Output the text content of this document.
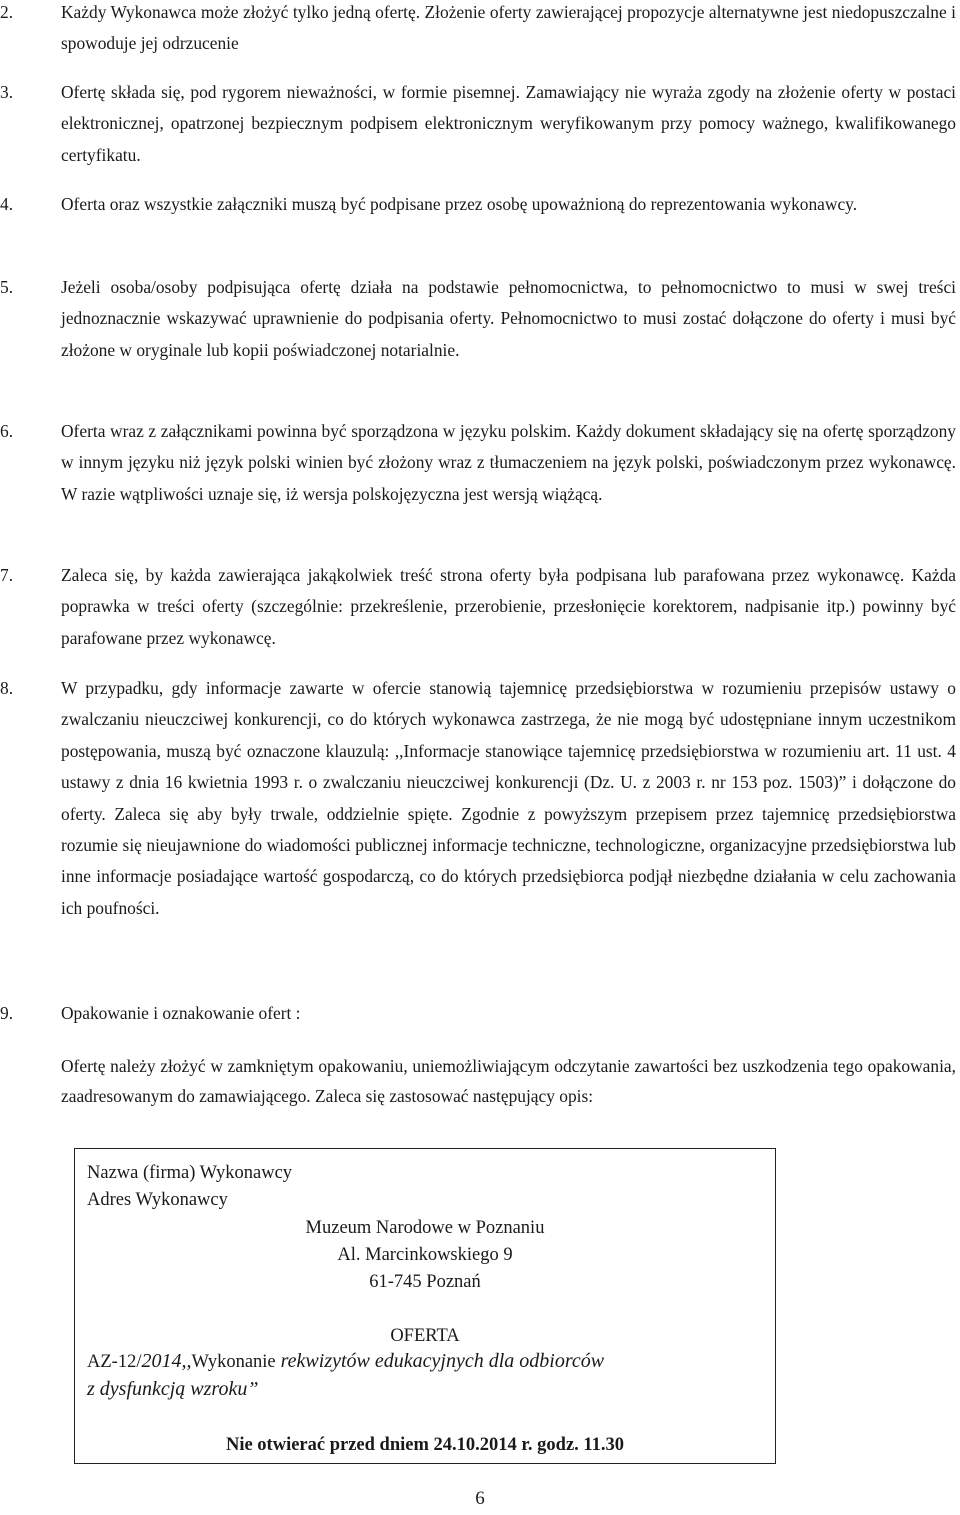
2.	Każdy Wykonawca może złożyć tylko jedną ofertę. Złożenie oferty zawierającej propozycje alternatywne jest niedopuszczalne i spowoduje jej odrzucenie
3.	Ofertę składa się, pod rygorem nieważności, w formie pisemnej. Zamawiający nie wyraża zgody na złożenie oferty w postaci elektronicznej, opatrzonej bezpiecznym podpisem elektronicznym weryfikowanym przy pomocy ważnego, kwalifikowanego certyfikatu.
4.	Oferta oraz wszystkie załączniki muszą być podpisane przez osobę upoważnioną do reprezentowania wykonawcy.
5.	Jeżeli osoba/osoby podpisująca ofertę działa na podstawie pełnomocnictwa, to pełnomocnictwo to musi w swej treści jednoznacznie wskazywać uprawnienie do podpisania oferty. Pełnomocnictwo to musi zostać dołączone do oferty i musi być złożone w oryginale lub kopii poświadczonej notarialnie.
6.	Oferta wraz z załącznikami powinna być sporządzona w języku polskim. Każdy dokument składający się na ofertę sporządzony w innym języku niż język polski winien być złożony wraz z tłumaczeniem na język polski, poświadczonym przez wykonawcę. W razie wątpliwości uznaje się, iż wersja polskojęzyczna jest wersją wiążącą.
7.	Zaleca się, by każda zawierająca jakąkolwiek treść strona oferty była podpisana lub parafowana przez wykonawcę. Każda poprawka w treści oferty (szczególnie: przekreślenie, przerobienie, przesłonięcie korektorem, nadpisanie itp.) powinny być parafowane przez wykonawcę.
8.	W przypadku, gdy informacje zawarte w ofercie stanowią tajemnicę przedsiębiorstwa w rozumieniu przepisów ustawy o zwalczaniu nieuczciwej konkurencji, co do których wykonawca zastrzega, że nie mogą być udostępniane innym uczestnikom postępowania, muszą być oznaczone klauzulą: ,,Informacje stanowiące tajemnicę przedsiębiorstwa w rozumieniu art. 11 ust. 4 ustawy z dnia 16 kwietnia 1993 r. o zwalczaniu nieuczciwej konkurencji (Dz. U. z 2003 r. nr 153 poz. 1503)” i dołączone do oferty. Zaleca się aby były trwale, oddzielnie spięte. Zgodnie z powyższym przepisem przez tajemnicę przedsiębiorstwa rozumie się nieujawnione do wiadomości publicznej informacje techniczne, technologiczne, organizacyjne przedsiębiorstwa lub inne informacje posiadające wartość gospodarczą, co do których przedsiębiorca podjął niezbędne działania w celu zachowania ich poufności.
9.	Opakowanie i oznakowanie ofert :
Ofertę należy złożyć w zamkniętym opakowaniu, uniemożliwiającym odczytanie zawartości bez uszkodzenia tego opakowania, zaadresowanym do zamawiającego. Zaleca się zastosować następujący opis:
Nazwa (firma) Wykonawcy
Adres Wykonawcy
Muzeum Narodowe w Poznaniu
Al. Marcinkowskiego 9
61-745 Poznań
OFERTA
AZ-12/2014,,Wykonanie rekwizytów edukacyjnych dla odbiorców
z dysfunkcją wzroku”
Nie otwierać przed dniem 24.10.2014 r. godz. 11.30
6
